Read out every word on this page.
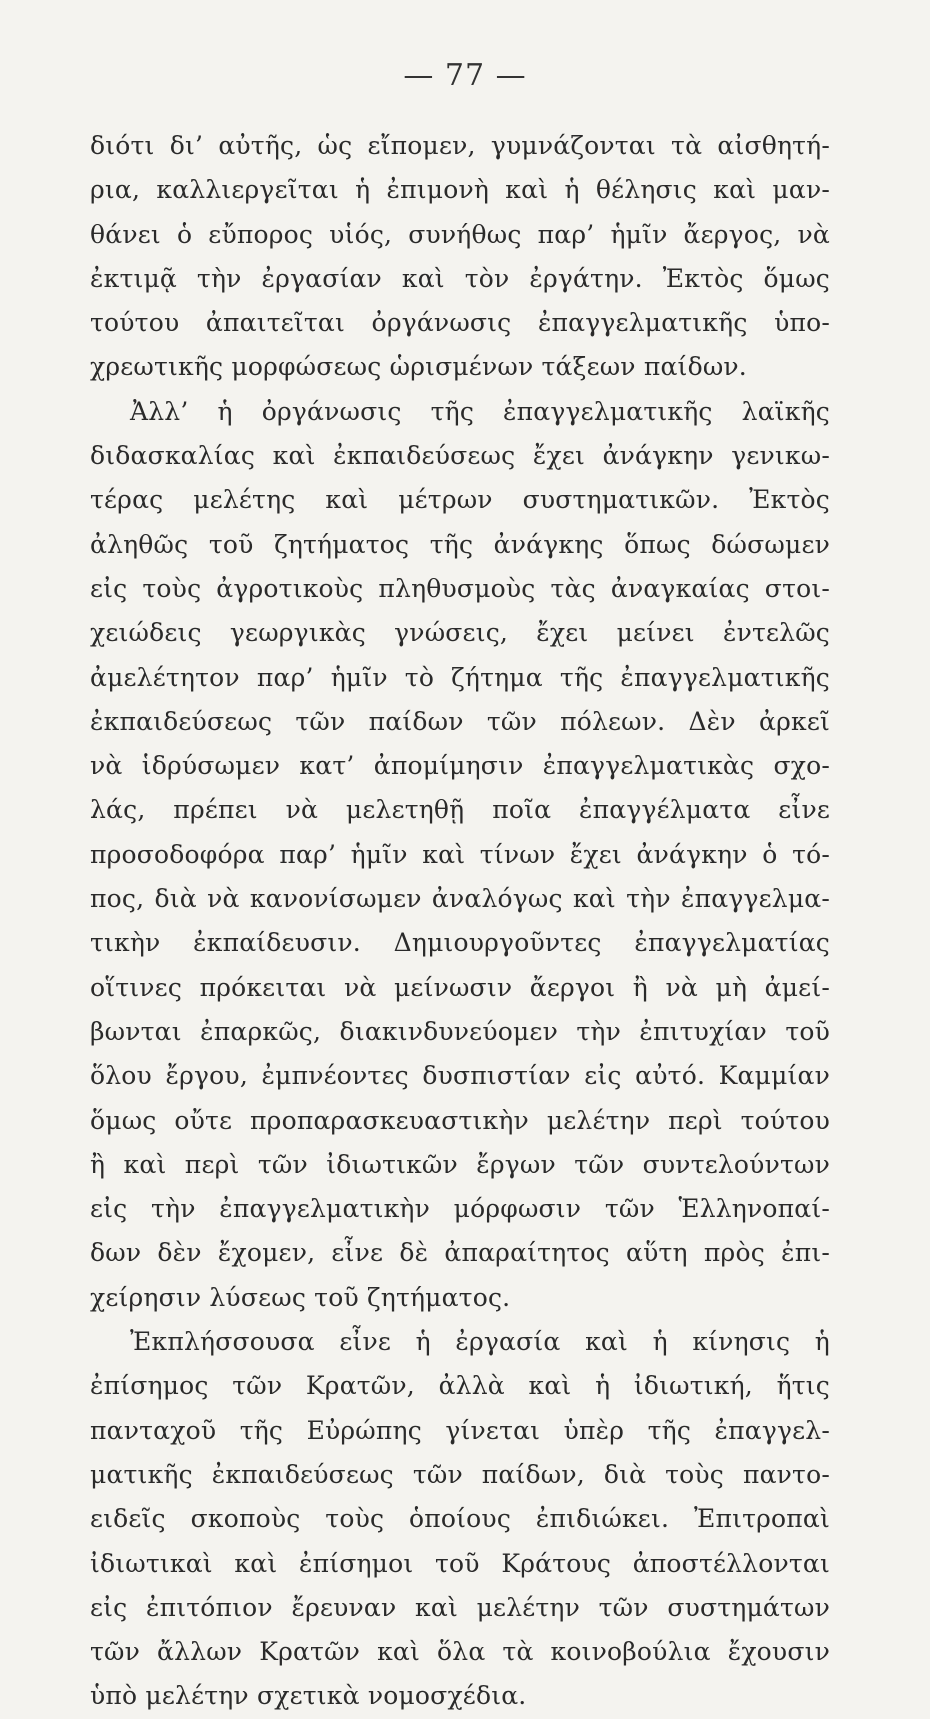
— 77 —
διότι δι’ αὐτῆς, ὡς εἴπομεν, γυμνάζονται τὰ αἰσθητή-
ρια, καλλιεργεῖται ἡ ἐπιμονὴ καὶ ἡ θέλησις καὶ μαν-
θάνει ὁ εὔπορος υἱός, συνήθως παρ’ ἡμῖν ἄεργος, νὰ
ἐκτιμᾷ τὴν ἐργασίαν καὶ τὸν ἐργάτην. Ἐκτὸς ὅμως
τούτου ἀπαιτεῖται ὀργάνωσις ἐπαγγελματικῆς ὑπο-
χρεωτικῆς μορφώσεως ὡρισμένων τάξεων παίδων.
Ἀλλ’ ἡ ὀργάνωσις τῆς ἐπαγγελματικῆς λαϊκῆς
διδασκαλίας καὶ ἐκπαιδεύσεως ἔχει ἀνάγκην γενικω-
τέρας μελέτης καὶ μέτρων συστηματικῶν. Ἐκτὸς
ἀληθῶς τοῦ ζητήματος τῆς ἀνάγκης ὅπως δώσωμεν
εἰς τοὺς ἀγροτικοὺς πληθυσμοὺς τὰς ἀναγκαίας στοι-
χειώδεις γεωργικὰς γνώσεις, ἔχει μείνει ἐντελῶς
ἀμελέτητον παρ’ ἡμῖν τὸ ζήτημα τῆς ἐπαγγελματικῆς
ἐκπαιδεύσεως τῶν παίδων τῶν πόλεων. Δὲν ἀρκεῖ
νὰ ἱδρύσωμεν κατ’ ἀπομίμησιν ἐπαγγελματικὰς σχο-
λάς, πρέπει νὰ μελετηθῇ ποῖα ἐπαγγέλματα εἶνε
προσοδοφόρα παρ’ ἡμῖν καὶ τίνων ἔχει ἀνάγκην ὁ τό-
πος, διὰ νὰ κανονίσωμεν ἀναλόγως καὶ τὴν ἐπαγγελμα-
τικὴν ἐκπαίδευσιν. Δημιουργοῦντες ἐπαγγελματίας
οἵτινες πρόκειται νὰ μείνωσιν ἄεργοι ἢ νὰ μὴ ἀμεί-
βωνται ἐπαρκῶς, διακινδυνεύομεν τὴν ἐπιτυχίαν τοῦ
ὅλου ἔργου, ἐμπνέοντες δυσπιστίαν εἰς αὐτό. Καμμίαν
ὅμως οὔτε προπαρασκευαστικὴν μελέτην περὶ τούτου
ἢ καὶ περὶ τῶν ἰδιωτικῶν ἔργων τῶν συντελούντων
εἰς τὴν ἐπαγγελματικὴν μόρφωσιν τῶν Ἑλληνοπαί-
δων δὲν ἔχομεν, εἶνε δὲ ἀπαραίτητος αὕτη πρὸς ἐπι-
χείρησιν λύσεως τοῦ ζητήματος.
Ἐκπλήσσουσα εἶνε ἡ ἐργασία καὶ ἡ κίνησις ἡ
ἐπίσημος τῶν Κρατῶν, ἀλλὰ καὶ ἡ ἰδιωτική, ἥτις
πανταχοῦ τῆς Εὐρώπης γίνεται ὑπὲρ τῆς ἐπαγγελ-
ματικῆς ἐκπαιδεύσεως τῶν παίδων, διὰ τοὺς παντο-
ειδεῖς σκοποὺς τοὺς ὁποίους ἐπιδιώκει. Ἐπιτροπαὶ
ἰδιωτικαὶ καὶ ἐπίσημοι τοῦ Κράτους ἀποστέλλονται
εἰς ἐπιτόπιον ἔρευναν καὶ μελέτην τῶν συστημάτων
τῶν ἄλλων Κρατῶν καὶ ὅλα τὰ κοινοβούλια ἔχουσιν
ὑπὸ μελέτην σχετικὰ νομοσχέδια.
